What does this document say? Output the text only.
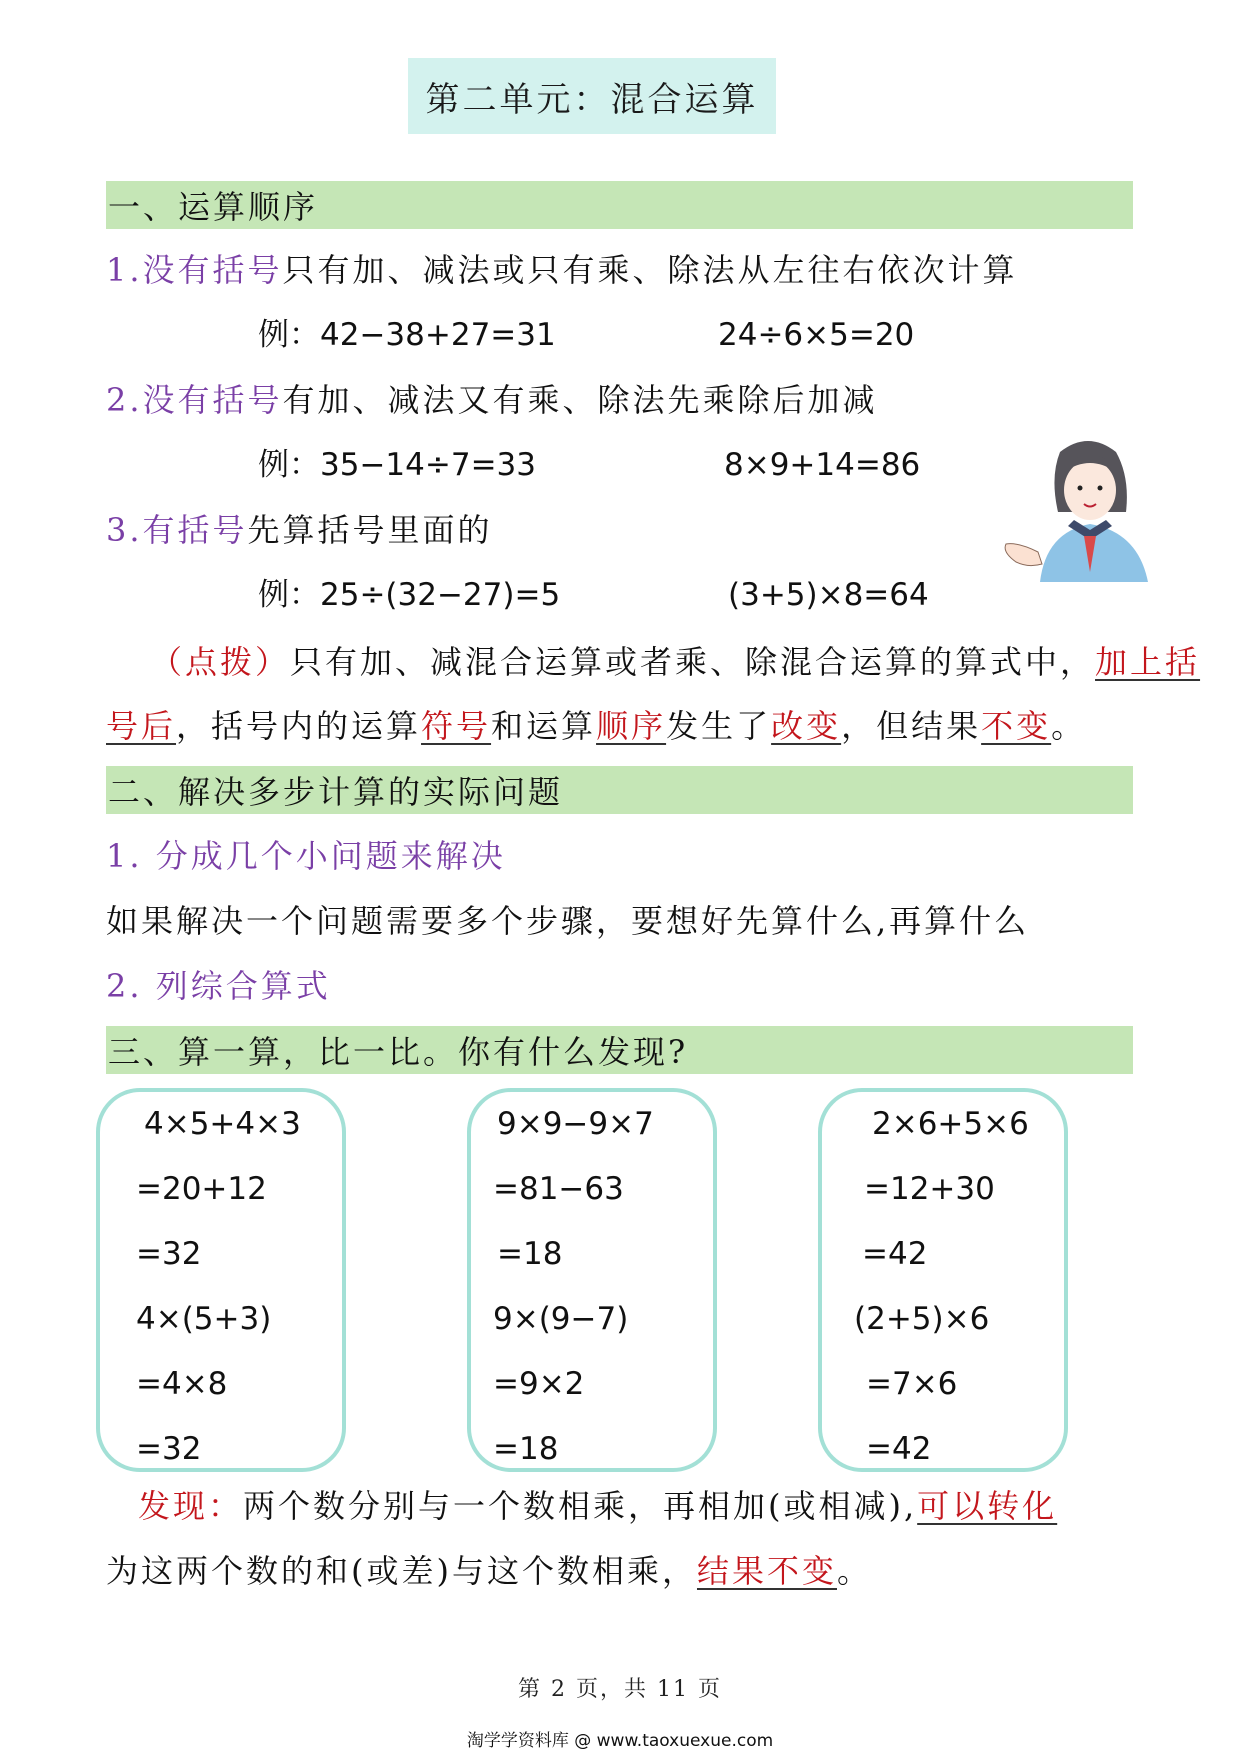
第二单元：混合运算
一、运算顺序
1.没有括号只有加、减法或只有乘、除法从左往右依次计算
例：42−38+27=31	24÷6×5=20
2.没有括号有加、减法又有乘、除法先乘除后加减
例：35−14÷7=33	8×9+14=86
3.有括号先算括号里面的
例：25÷(32−27)=5	(3+5)×8=64
（点拨）只有加、减混合运算或者乘、除混合运算的算式中，加上括
号后，括号内的运算符号和运算顺序发生了改变，但结果不变。
二、解决多步计算的实际问题
1. 分成几个小问题来解决
如果解决一个问题需要多个步骤，要想好先算什么,再算什么
2. 列综合算式
三、算一算，比一比。你有什么发现?
4×5+4×3
=20+12
=32
4×(5+3)
=4×8
=32
9×9−9×7
=81−63
=18
9×(9−7)
=9×2
=18
2×6+5×6
=12+30
=42
(2+5)×6
=7×6
=42
发现：两个数分别与一个数相乘，再相加(或相减),可以转化
为这两个数的和(或差)与这个数相乘，结果不变。
第 2 页，共 11 页
淘学学资料库 @ www.taoxuexue.com
